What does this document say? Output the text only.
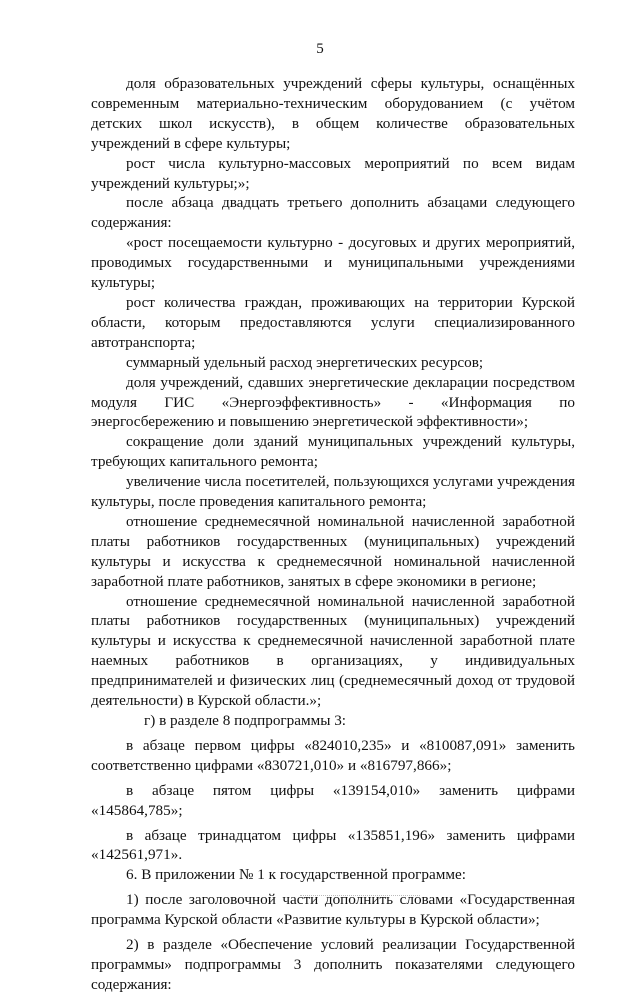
5

доля образовательных учреждений сферы культуры, оснащённых современным материально-техническим оборудованием (с учётом детских школ искусств), в общем количестве образовательных учреждений в сфере культуры;

рост числа культурно-массовых мероприятий по всем видам учреждений культуры;»;

после абзаца двадцать третьего дополнить абзацами следующего содержания:

«рост посещаемости культурно - досуговых и других мероприятий, проводимых государственными и муниципальными учреждениями культуры;

рост количества граждан, проживающих на территории Курской области, которым предоставляются услуги специализированного автотранспорта;

суммарный удельный расход энергетических ресурсов;

доля учреждений, сдавших энергетические декларации посредством модуля ГИС «Энергоэффективность» - «Информация по энергосбережению и повышению энергетической эффективности»;

сокращение доли зданий муниципальных учреждений культуры, требующих капитального ремонта;

увеличение числа посетителей, пользующихся услугами учреждения культуры, после проведения капитального ремонта;

отношение среднемесячной номинальной начисленной заработной платы работников государственных (муниципальных) учреждений культуры и искусства к среднемесячной номинальной начисленной заработной плате работников, занятых в сфере экономики в регионе;

отношение среднемесячной номинальной начисленной заработной платы работников государственных (муниципальных) учреждений культуры и искусства к среднемесячной начисленной заработной плате наемных работников в организациях, у индивидуальных предпринимателей и физических лиц (среднемесячный доход от трудовой деятельности) в Курской области.»;

г) в разделе 8 подпрограммы 3:

в абзаце первом цифры «824010,235» и «810087,091» заменить соответственно цифрами «830721,010» и «816797,866»;

в абзаце пятом цифры «139154,010» заменить цифрами «145864,785»;

в абзаце тринадцатом цифры «135851,196» заменить цифрами «142561,971».

6. В приложении № 1 к государственной программе:

1) после заголовочной части дополнить словами «Государственная программа Курской области «Развитие культуры в Курской области»;

2) в разделе «Обеспечение условий реализации Государственной программы» подпрограммы 3 дополнить показателями следующего содержания:
